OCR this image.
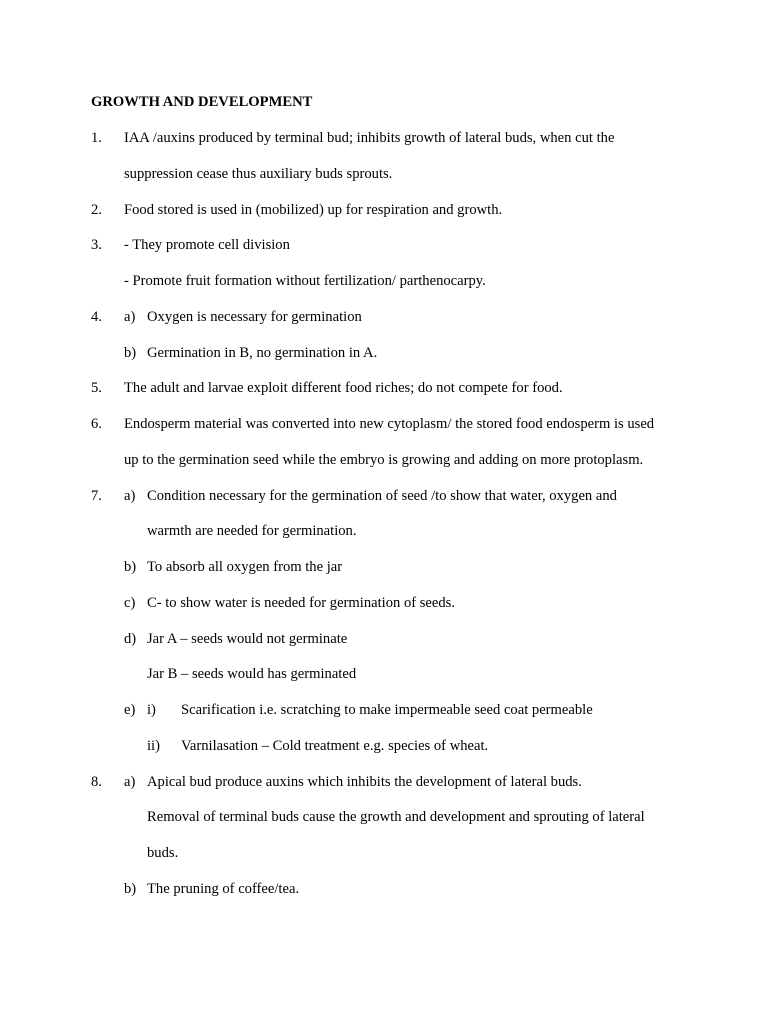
GROWTH AND DEVELOPMENT
1. IAA /auxins produced by terminal bud; inhibits growth of lateral buds, when cut the
suppression cease thus auxiliary buds sprouts.
2. Food stored is used in (mobilized) up for respiration and growth.
3. - They promote cell division
- Promote fruit formation without fertilization/ parthenocarpy.
4. a) Oxygen is necessary for germination
b) Germination in B, no germination in A.
5. The adult and larvae exploit different food riches; do not compete for food.
6. Endosperm material was converted into new cytoplasm/ the stored food endosperm is used
up to the germination seed while the embryo is growing and adding on more protoplasm.
7. a) Condition necessary for the germination of seed /to show that water, oxygen and
warmth are needed for germination.
b) To absorb all oxygen from the jar
c) C- to show water is needed for germination of seeds.
d) Jar A – seeds would not germinate
Jar B – seeds would has germinated
e) i) Scarification i.e. scratching to make impermeable seed coat permeable
ii) Varnilasation – Cold treatment e.g. species of wheat.
8. a) Apical bud produce auxins which inhibits the development of lateral buds.
Removal of terminal buds cause the growth and development and sprouting of lateral
buds.
b) The pruning of coffee/tea.
